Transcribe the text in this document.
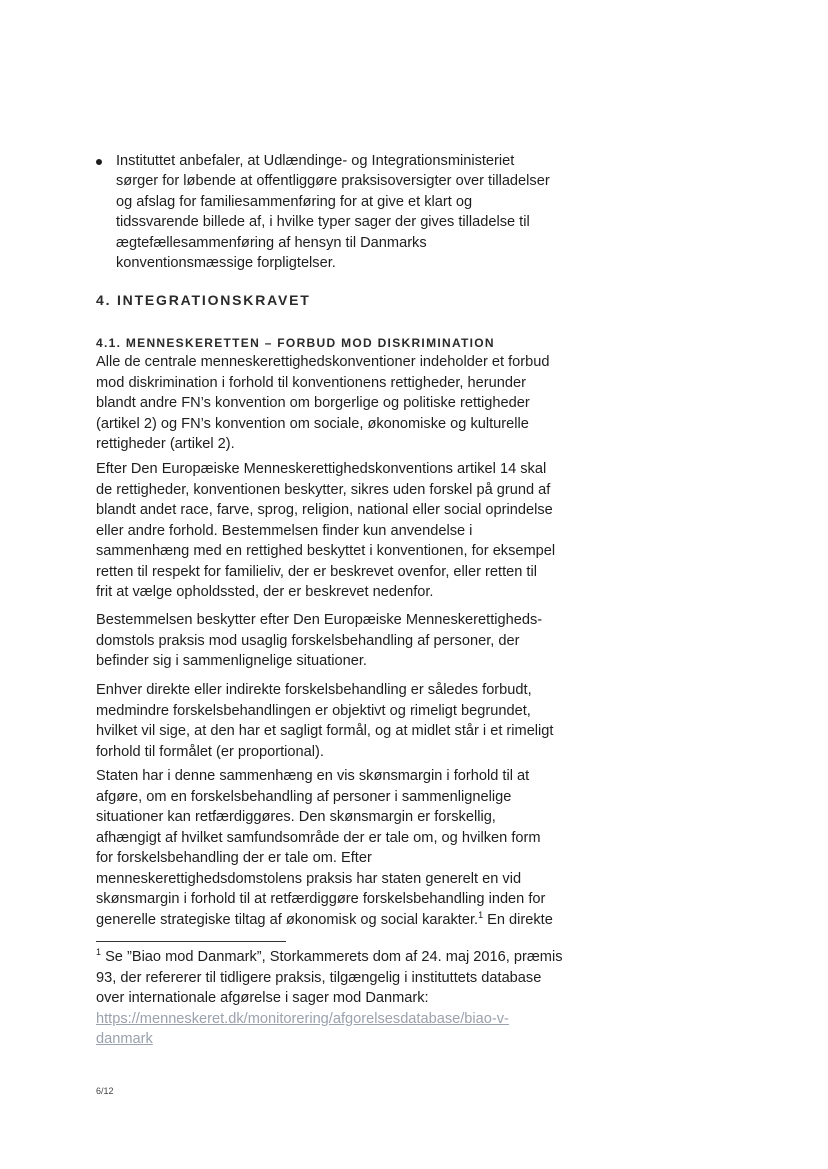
Instituttet anbefaler, at Udlændinge- og Integrationsministeriet
sørger for løbende at offentliggøre praksisoversigter over tilladelser
og afslag for familiesammenføring for at give et klart og
tidssvarende billede af, i hvilke typer sager der gives tilladelse til
ægtefællesammenføring af hensyn til Danmarks
konventionsmæssige forpligtelser.
4. INTEGRATIONSKRAVET
4.1. MENNESKERETTEN – FORBUD MOD DISKRIMINATION

Alle de centrale menneskerettighedskonventioner indeholder et forbud
mod diskrimination i forhold til konventionens rettigheder, herunder
blandt andre FN’s konvention om borgerlige og politiske rettigheder
(artikel 2) og FN’s konvention om sociale, økonomiske og kulturelle
rettigheder (artikel 2).

Efter Den Europæiske Menneskerettighedskonventions artikel 14 skal
de rettigheder, konventionen beskytter, sikres uden forskel på grund af
blandt andet race, farve, sprog, religion, national eller social oprindelse
eller andre forhold. Bestemmelsen finder kun anvendelse i
sammenhæng med en rettighed beskyttet i konventionen, for eksempel
retten til respekt for familieliv, der er beskrevet ovenfor, eller retten til
frit at vælge opholdssted, der er beskrevet nedenfor.

Bestemmelsen beskytter efter Den Europæiske Menneskerettigheds-
domstols praksis mod usaglig forskelsbehandling af personer, der
befinder sig i sammenlignelige situationer.

Enhver direkte eller indirekte forskelsbehandling er således forbudt,
medmindre forskelsbehandlingen er objektivt og rimeligt begrundet,
hvilket vil sige, at den har et sagligt formål, og at midlet står i et rimeligt
forhold til formålet (er proportional).

Staten har i denne sammenhæng en vis skønsmargin i forhold til at
afgøre, om en forskelsbehandling af personer i sammenlignelige
situationer kan retfærdiggøres. Den skønsmargin er forskellig,
afhængigt af hvilket samfundsområde der er tale om, og hvilken form
for forskelsbehandling der er tale om. Efter
menneskerettighedsdomstolens praksis har staten generelt en vid
skønsmargin i forhold til at retfærdiggøre forskelsbehandling inden for
generelle strategiske tiltag af økonomisk og social karakter.$^1$ En direkte

$^1$ Se ”Biao mod Danmark”, Storkammerets dom af 24. maj 2016, præmis
93, der refererer til tidligere praksis, tilgængelig i instituttets database
over internationale afgørelse i sager mod Danmark:
https://menneskeret.dk/monitorering/afgorelsesdatabase/biao-v-
danmark
6/12
